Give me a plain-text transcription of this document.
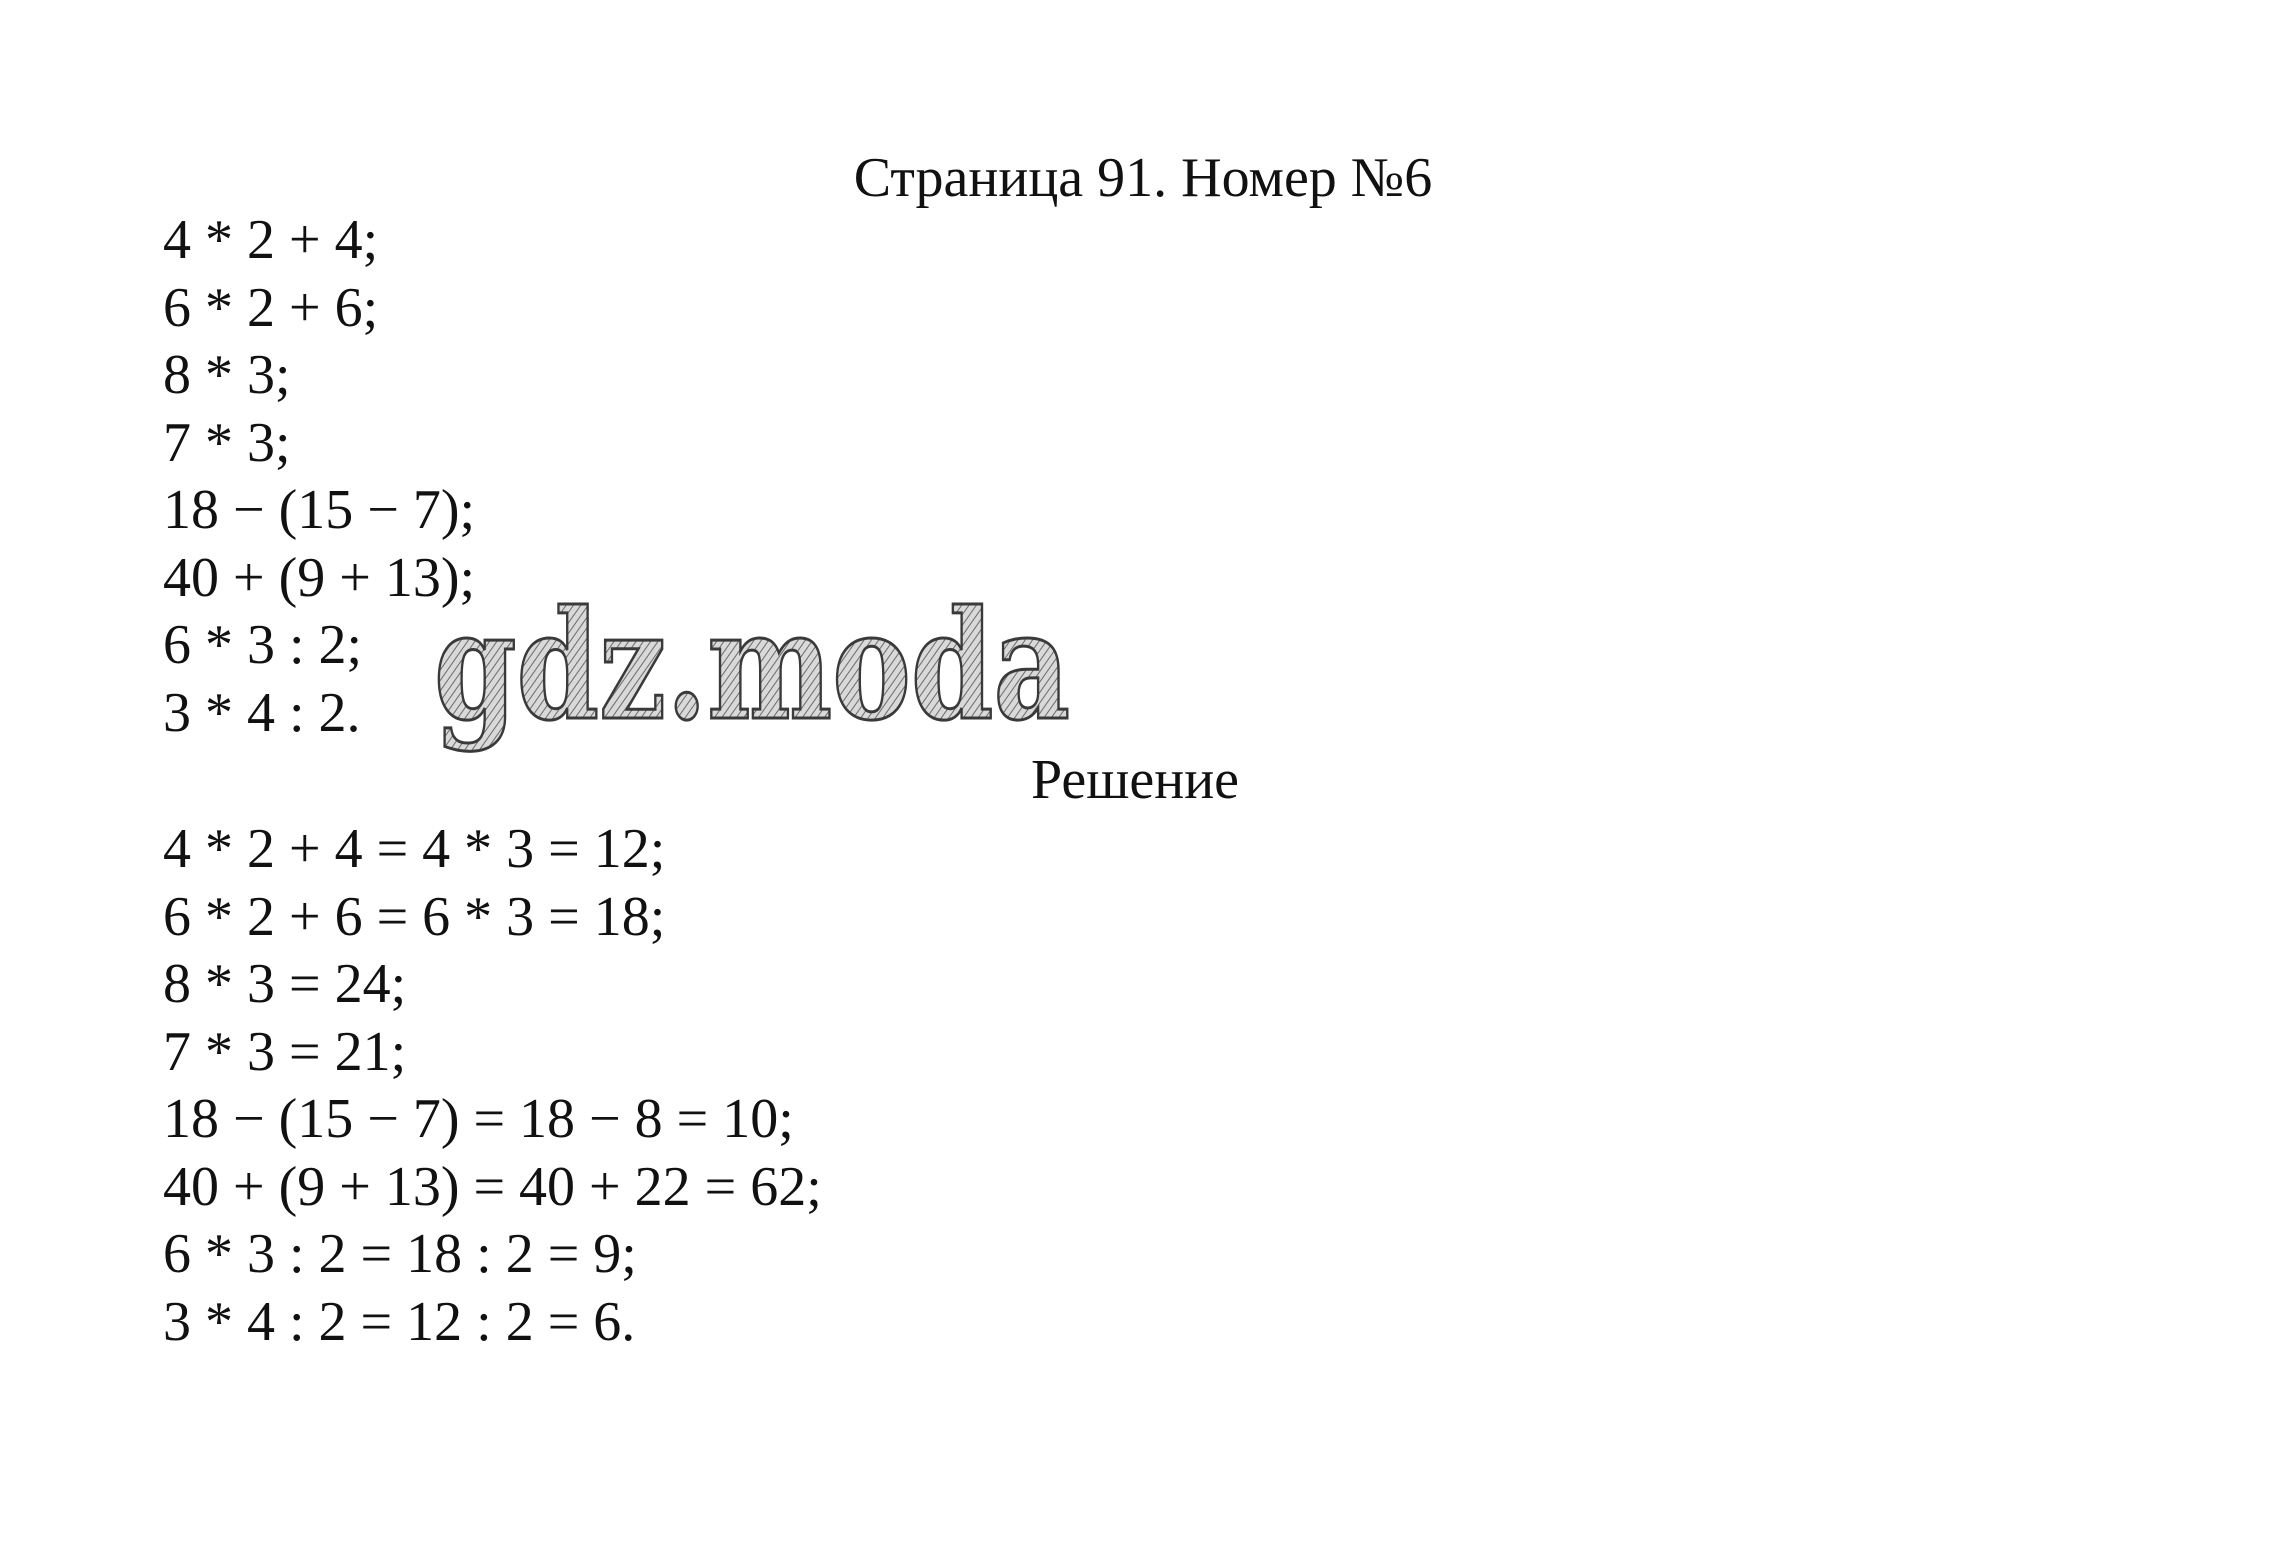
Страница 91. Номер №6
4 * 2 + 4;
6 * 2 + 6;
8 * 3;
7 * 3;
18 − (15 − 7);
40 + (9 + 13);
6 * 3 : 2;
3 * 4 : 2. gdz.moda
Решение
4 * 2 + 4 = 4 * 3 = 12;
6 * 2 + 6 = 6 * 3 = 18;
8 * 3 = 24;
7 * 3 = 21;
18 − (15 − 7) = 18 − 8 = 10;
40 + (9 + 13) = 40 + 22 = 62;
6 * 3 : 2 = 18 : 2 = 9;
3 * 4 : 2 = 12 : 2 = 6.
